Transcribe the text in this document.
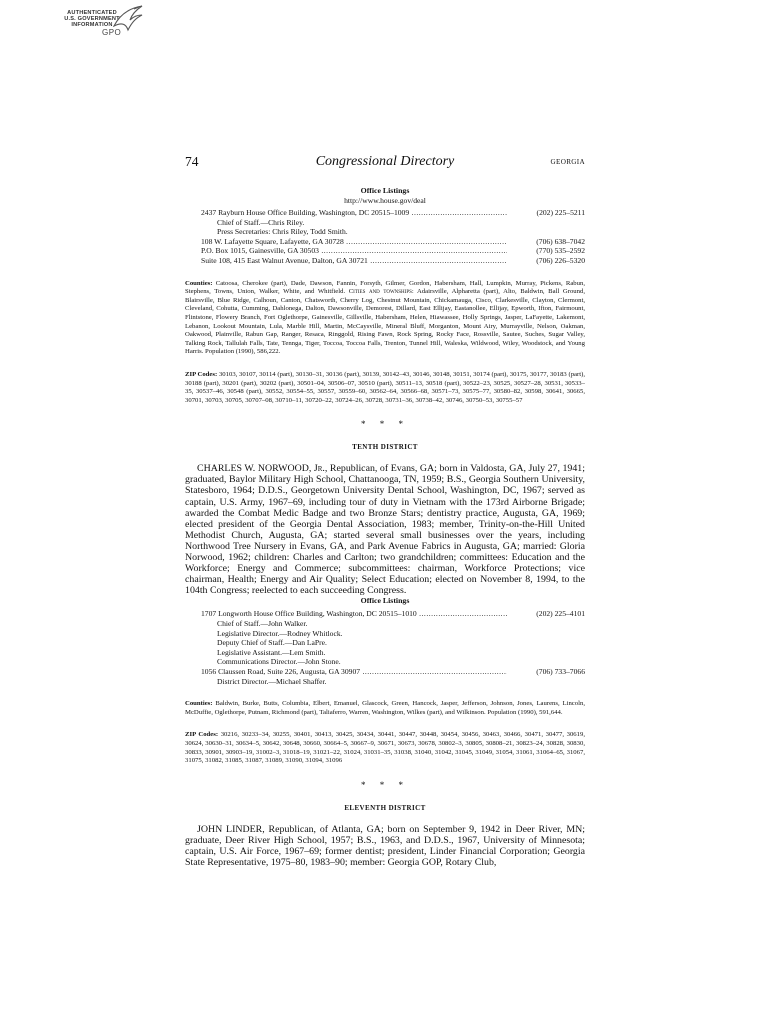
AUTHENTICATED
U.S. GOVERNMENT
INFORMATION
GPO
74	Congressional Directory	GEORGIA
Office Listings
http://www.house.gov/deal
2437 Rayburn House Office Building, Washington, DC 20515–1009 .....	(202) 225–5211
Chief of Staff.—Chris Riley.
Press Secretaries: Chris Riley, Todd Smith.
108 W. Lafayette Square, Lafayette, GA 30728 .....	(706) 638–7042
P.O. Box 1015, Gainesville, GA 30503 .....	(770) 535–2592
Suite 108, 415 East Walnut Avenue, Dalton, GA 30721 .....	(706) 226–5320

Counties: Catoosa, Cherokee (part), Dade, Dawson, Fannin, Forsyth, Gilmer, Gordon, Habersham, Hall, Lumpkin, Murray, Pickens, Rabun, Stephens, Towns, Union, Walker, White, and Whitfield. Cities and townships: Adairsville, Alpharetta (part), Alto, Baldwin, Ball Ground, Blairsville, Blue Ridge, Calhoun, Canton, Chatsworth, Cherry Log, Chestnut Mountain, Chickamauga, Cisco, Clarkesville, Clayton, Clermont, Cleveland, Cohutta, Cumming, Dahlonega, Dalton, Dawsonville, Demorest, Dillard, East Ellijay, Eastanollee, Ellijay, Epworth, Ifton, Fairmount, Flintstone, Flowery Branch, Fort Oglethorpe, Gainesville, Gillsville, Habersham, Helen, Hiawassee, Holly Springs, Jasper, LaFayette, Lakemont, Lebanon, Lookout Mountain, Lula, Marble Hill, Martin, McCaysville, Mineral Bluff, Morganton, Mount Airy, Murrayville, Nelson, Oakman, Oakwood, Plainville, Rabun Gap, Ranger, Resaca, Ringgold, Rising Fawn, Rock Spring, Rocky Face, Rossville, Sautee, Suches, Sugar Valley, Talking Rock, Tallulah Falls, Tate, Tennga, Tiger, Toccoa, Toccoa Falls, Trenton, Tunnel Hill, Waleska, Wildwood, Wiley, Woodstock, and Young Harris. Population (1990), 586,222.

ZIP Codes: 30103, 30107, 30114 (part), 30130–31, 30136 (part), 30139, 30142–43, 30146, 30148, 30151, 30174 (part), 30175, 30177, 30183 (part), 30188 (part), 30201 (part), 30202 (part), 30501–04, 30506–07, 30510 (part), 30511–13, 30518 (part), 30522–23, 30525, 30527–28, 30531, 30533–35, 30537–46, 30548 (part), 30552, 30554–55, 30557, 30559–60, 30562–64, 30566–68, 30571–73, 30575–77, 30580–82, 30598, 30641, 30665, 30701, 30703, 30705, 30707–08, 30710–11, 30720–22, 30724–26, 30728, 30731–36, 30738–42, 30746, 30750–53, 30755–57

* * *
TENTH DISTRICT

CHARLES W. NORWOOD, Jr., Republican, of Evans, GA; born in Valdosta, GA, July 27, 1941; graduated, Baylor Military High School, Chattanooga, TN, 1959; B.S., Georgia Southern University, Statesboro, 1964; D.D.S., Georgetown University Dental School, Washington, DC, 1967; served as captain, U.S. Army, 1967–69, including tour of duty in Vietnam with the 173rd Airborne Brigade; awarded the Combat Medic Badge and two Bronze Stars; dentistry practice, Augusta, GA, 1969; elected president of the Georgia Dental Association, 1983; member, Trinity-on-the-Hill United Methodist Church, Augusta, GA; started several small businesses over the years, including Northwood Tree Nursery in Evans, GA, and Park Avenue Fabrics in Augusta, GA; married: Gloria Norwood, 1962; children: Charles and Carlton; two grandchildren; committees: Education and the Workforce; Energy and Commerce; subcommittees: chairman, Workforce Protections; vice chairman, Health; Energy and Air Quality; Select Education; elected on November 8, 1994, to the 104th Congress; reelected to each succeeding Congress.

Office Listings
1707 Longworth House Office Building, Washington, DC 20515–1010 .....	(202) 225–4101
Chief of Staff.—John Walker.
Legislative Director.—Rodney Whitlock.
Deputy Chief of Staff.—Dan LaPre.
Legislative Assistant.—Lem Smith.
Communications Director.—John Stone.
1056 Claussen Road, Suite 226, Augusta, GA 30907 .....	(706) 733–7066
District Director.—Michael Shaffer.

Counties: Baldwin, Burke, Butts, Columbia, Elbert, Emanuel, Glascock, Green, Hancock, Jasper, Jefferson, Johnson, Jones, Laurens, Lincoln, McDuffie, Oglethorpe, Putnam, Richmond (part), Taliaferro, Warren, Washington, Wilkes (part), and Wilkinson. Population (1990), 591,644.

ZIP Codes: 30216, 30233–34, 30255, 30401, 30413, 30425, 30434, 30441, 30447, 30448, 30454, 30456, 30463, 30466, 30471, 30477, 30619, 30624, 30630–31, 30634–5, 30642, 30648, 30660, 30664–5, 30667–9, 30671, 30673, 30678, 30802–3, 30805, 30808–21, 30823–24, 30828, 30830, 30833, 30901, 30903–19, 31002–3, 31018–19, 31021–22, 31024, 31031–35, 31038, 31040, 31042, 31045, 31049, 31054, 31061, 31064–65, 31067, 31075, 31082, 31085, 31087, 31089, 31090, 31094, 31096

* * *
ELEVENTH DISTRICT

JOHN LINDER, Republican, of Atlanta, GA; born on September 9, 1942 in Deer River, MN; graduate, Deer River High School, 1957; B.S., 1963, and D.D.S., 1967, University of Minnesota; captain, U.S. Air Force, 1967–69; former dentist; president, Linder Financial Corporation; Georgia State Representative, 1975–80, 1983–90; member: Georgia GOP, Rotary Club,
